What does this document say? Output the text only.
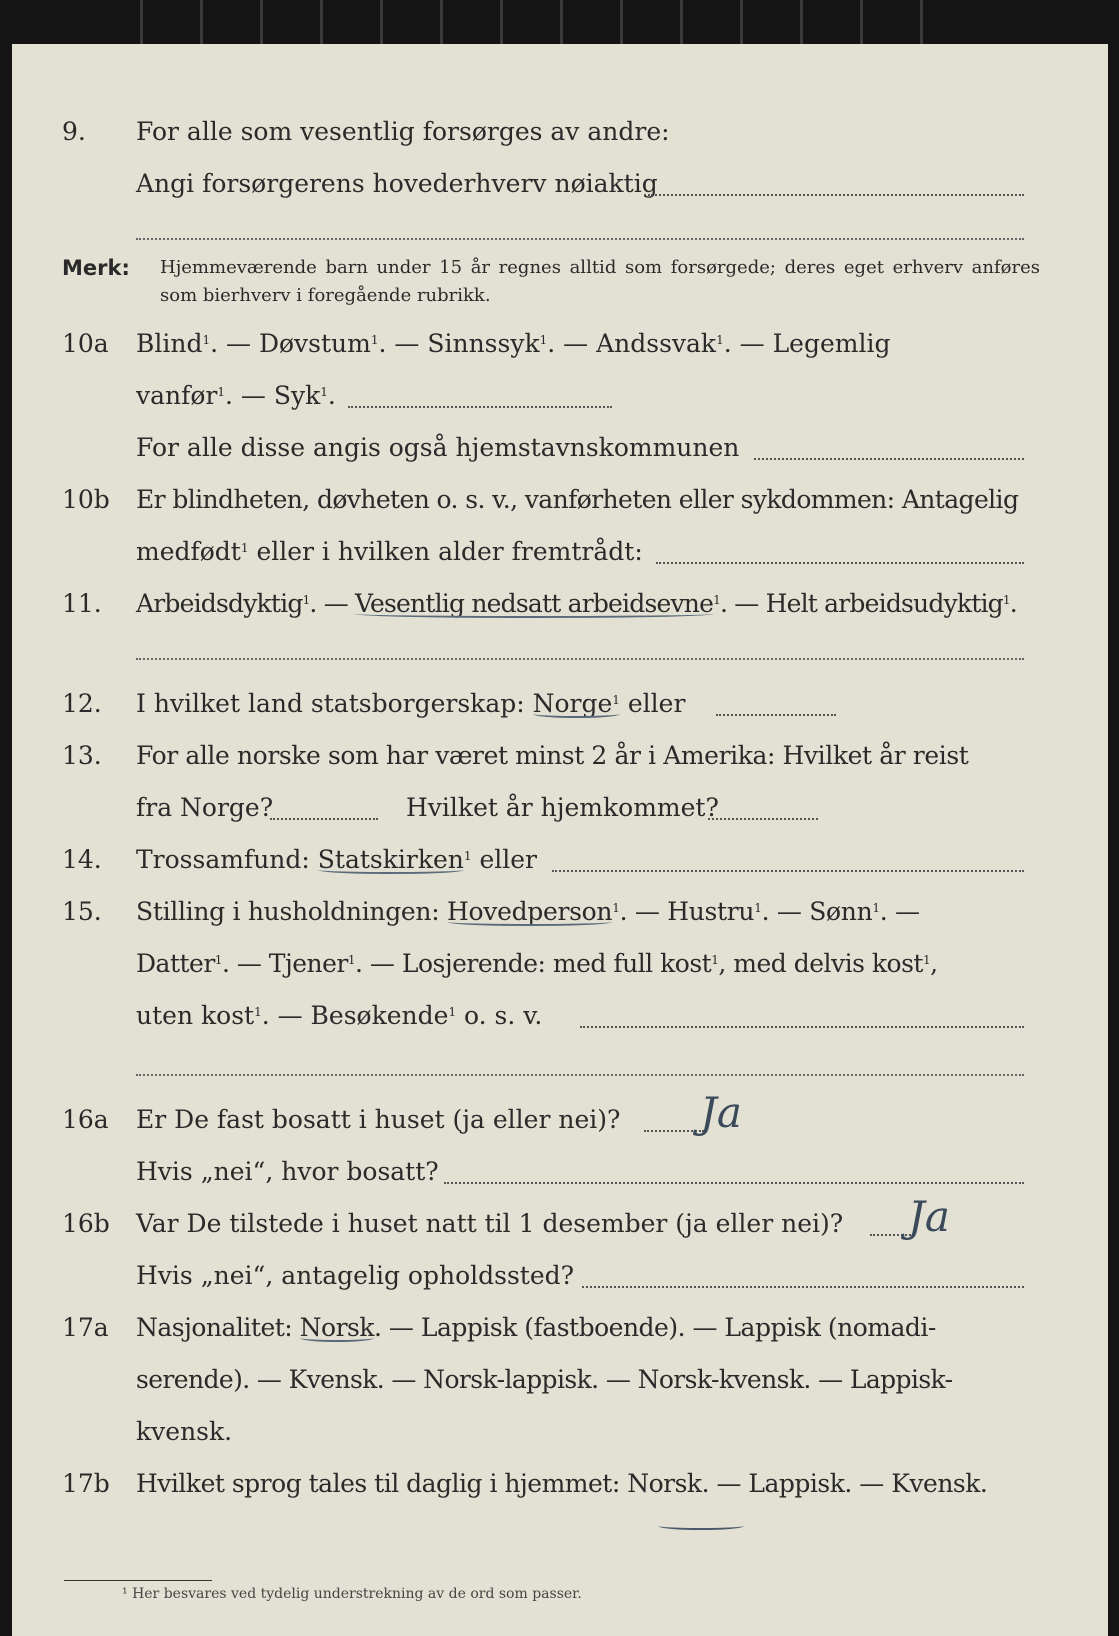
9. For alle som vesentlig forsørges av andre:
Angi forsørgerens hovederhverv nøiaktig
Merk: Hjemmeværende barn under 15 år regnes alltid som forsørgede; deres eget erhverv anføres som bierhverv i foregående rubrikk.
10a Blind$^1$. — Døvstum$^1$. — Sinnssyk$^1$. — Andssvak$^1$. — Legemlig
vanfør$^1$. — Syk$^1$.
For alle disse angis også hjemstavnskommunen
10b Er blindheten, døvheten o. s. v., vanførheten eller sykdommen: Antagelig
medfødt$^1$ eller i hvilken alder fremtrådt:
11. Arbeidsdyktig$^1$. — Vesentlig nedsatt arbeidsevne$^1$. — Helt arbeidsudyktig$^1$.
12. I hvilket land statsborgerskap: Norge$^1$ eller
13. For alle norske som har været minst 2 år i Amerika: Hvilket år reist
fra Norge?	Hvilket år hjemkommet?
14. Trossamfund: Statskirken$^1$ eller
15. Stilling i husholdningen: Hovedperson$^1$. — Hustru$^1$. — Sønn$^1$. —
Datter$^1$. — Tjener$^1$. — Losjerende: med full kost$^1$, med delvis kost$^1$,
uten kost$^1$. — Besøkende$^1$ o. s. v.
16a Er De fast bosatt i huset (ja eller nei)? Ja
Hvis „nei“, hvor bosatt?
16b Var De tilstede i huset natt til 1 desember (ja eller nei)? Ja
Hvis „nei“, antagelig opholdssted?
17a Nasjonalitet: Norsk. — Lappisk (fastboende). — Lappisk (nomadi-
serende). — Kvensk. — Norsk-lappisk. — Norsk-kvensk. — Lappisk-
kvensk.
17b Hvilket sprog tales til daglig i hjemmet: Norsk. — Lappisk. — Kvensk.
¹ Her besvares ved tydelig understrekning av de ord som passer.
